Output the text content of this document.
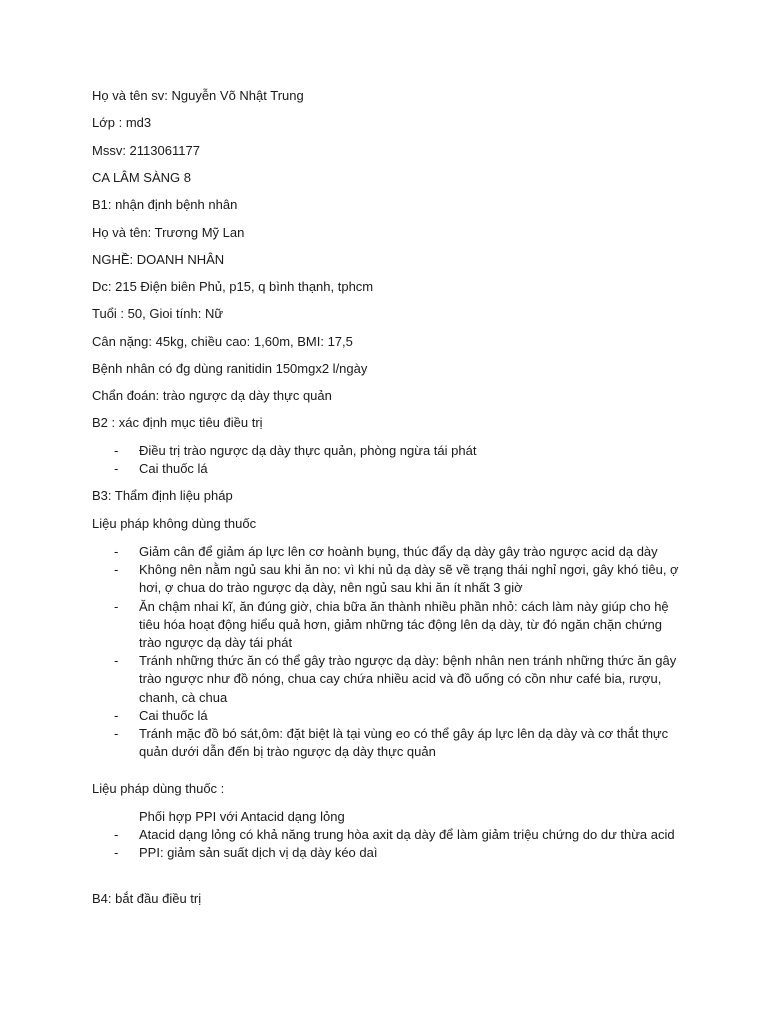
Họ và tên sv: Nguyễn Võ Nhật Trung
Lớp : md3
Mssv: 2113061177
CA LÂM SÀNG 8
B1: nhận định bệnh nhân
Họ và tên: Trương Mỹ Lan
NGHỀ: DOANH NHÂN
Dc: 215 Điện biên Phủ, p15, q bình thạnh, tphcm
Tuổi : 50, Gioi tính: Nữ
Cân nặng: 45kg, chiều cao: 1,60m, BMI: 17,5
Bệnh nhân có đg dùng ranitidin 150mgx2 l/ngày
Chẩn đoán: trào ngược dạ dày thực quản
B2 : xác định mục tiêu điều trị
- Điều trị trào ngược dạ dày thực quản, phòng ngừa tái phát
- Cai thuốc lá
B3: Thẩm định liệu pháp
Liệu pháp không dùng thuốc
- Giảm cân để giảm áp lực lên cơ hoành bụng, thúc đẩy dạ dày gây trào ngược acid dạ dày
- Không nên nằm ngủ sau khi ăn no: vì khi nủ dạ dày sẽ về trạng thái nghỉ ngơi, gây khó tiêu, ợ hơi, ợ chua do trào ngược dạ dày, nên ngủ sau khi ăn ít nhất 3 giờ
- Ăn chậm nhai kĩ, ăn đúng giờ, chia bữa ăn thành nhiều phần nhỏ: cách làm này giúp cho hệ tiêu hóa hoạt động hiểu quả hơn, giảm những tác động lên dạ dày, từ đó ngăn chặn chứng trào ngược dạ dày tái phát
- Tránh những thức ăn có thể gây trào ngược dạ dày: bệnh nhân nen tránh những thức ăn gây trào ngược như đồ nóng, chua cay chứa nhiều acid và đồ uống có cồn như café bia, rượu, chanh, cà chua
- Cai thuốc lá
- Tránh mặc đồ bó sát,ôm: đặt biệt là tại vùng eo có thể gây áp lực lên dạ dày và cơ thắt thực quản dưới dẫn đến bị trào ngược dạ dày thực quản
Liệu pháp dùng thuốc :
Phối hợp PPI với Antacid dạng lỏng
- Atacid dạng lỏng có khả năng trung hòa axit dạ dày để làm giảm triệu chứng do dư thừa acid
- PPI: giảm sản suất dịch vị dạ dày kéo daì
B4: bắt đầu điều trị
